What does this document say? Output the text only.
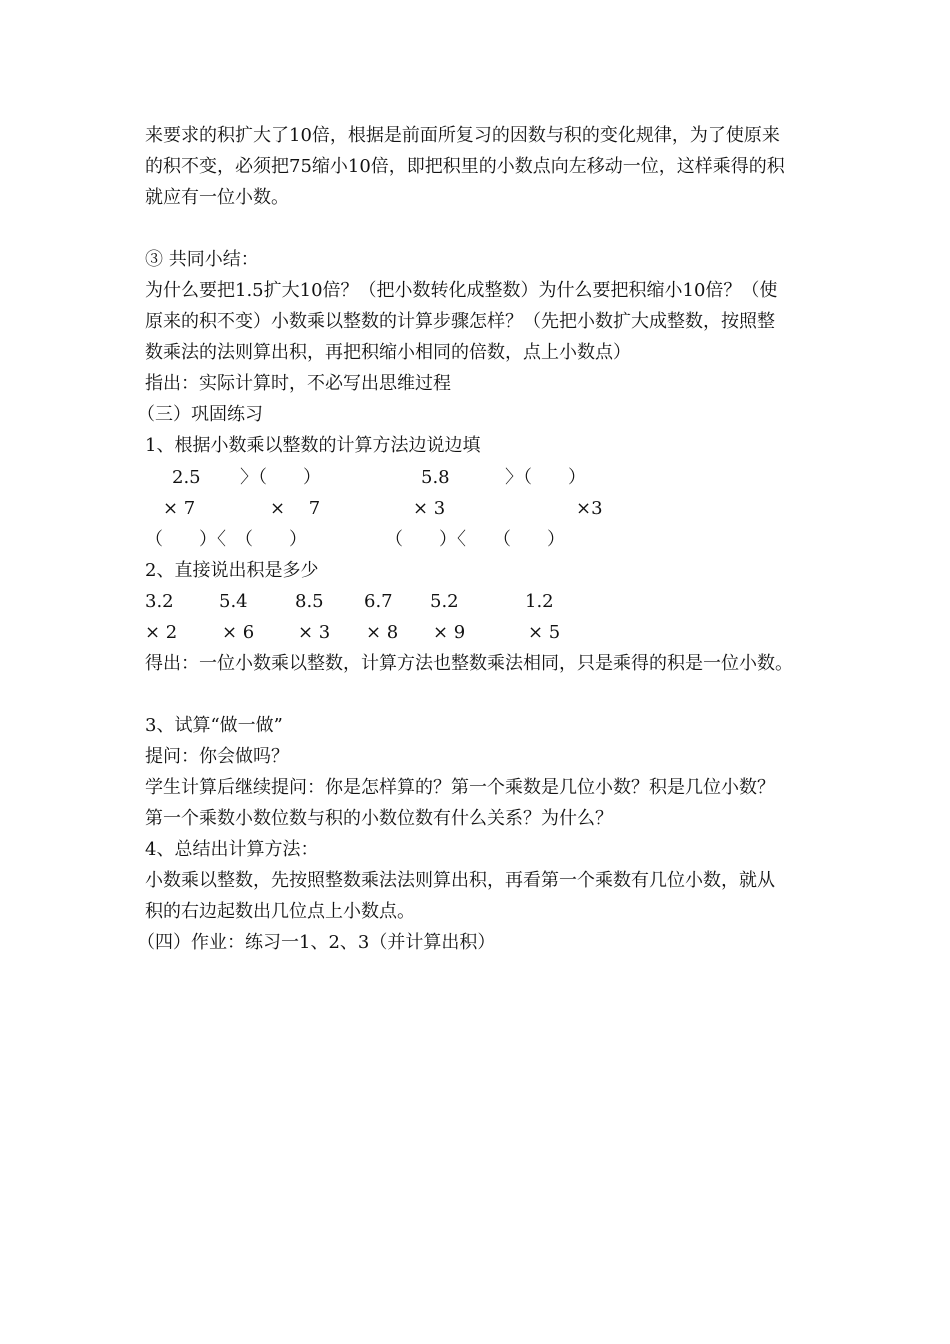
来要求的积扩大了10倍，根据是前面所复习的因数与积的变化规律，为了使原来
的积不变，必须把75缩小10倍，即把积里的小数点向左移动一位，这样乘得的积
就应有一位小数。
③ 共同小结：
为什么要把1.5扩大10倍？（把小数转化成整数）为什么要把积缩小10倍？（使
原来的积不变）小数乘以整数的计算步骤怎样？（先把小数扩大成整数，按照整
数乘法的法则算出积，再把积缩小相同的倍数，点上小数点）
指出：实际计算时，不必写出思维过程
（三）巩固练习
1、根据小数乘以整数的计算方法边说边填
2.5 〉（　　）	5.8	〉（　　）
× 7	×　 7	× 3	×3
（　　）〈　（　　）	（　　）〈　　（　　）
2、直接说出积是多少
3.2	5.4	8.5 6.7 5.2	1.2
× 2 × 6 × 3 × 8 × 9	× 5
得出：一位小数乘以整数，计算方法也整数乘法相同，只是乘得的积是一位小数。
3、试算“做一做”
提问：你会做吗？
学生计算后继续提问：你是怎样算的？第一个乘数是几位小数？积是几位小数？
第一个乘数小数位数与积的小数位数有什么关系？为什么？
4、总结出计算方法：
小数乘以整数，先按照整数乘法法则算出积，再看第一个乘数有几位小数，就从
积的右边起数出几位点上小数点。
（四）作业：练习一1、2、3（并计算出积）
